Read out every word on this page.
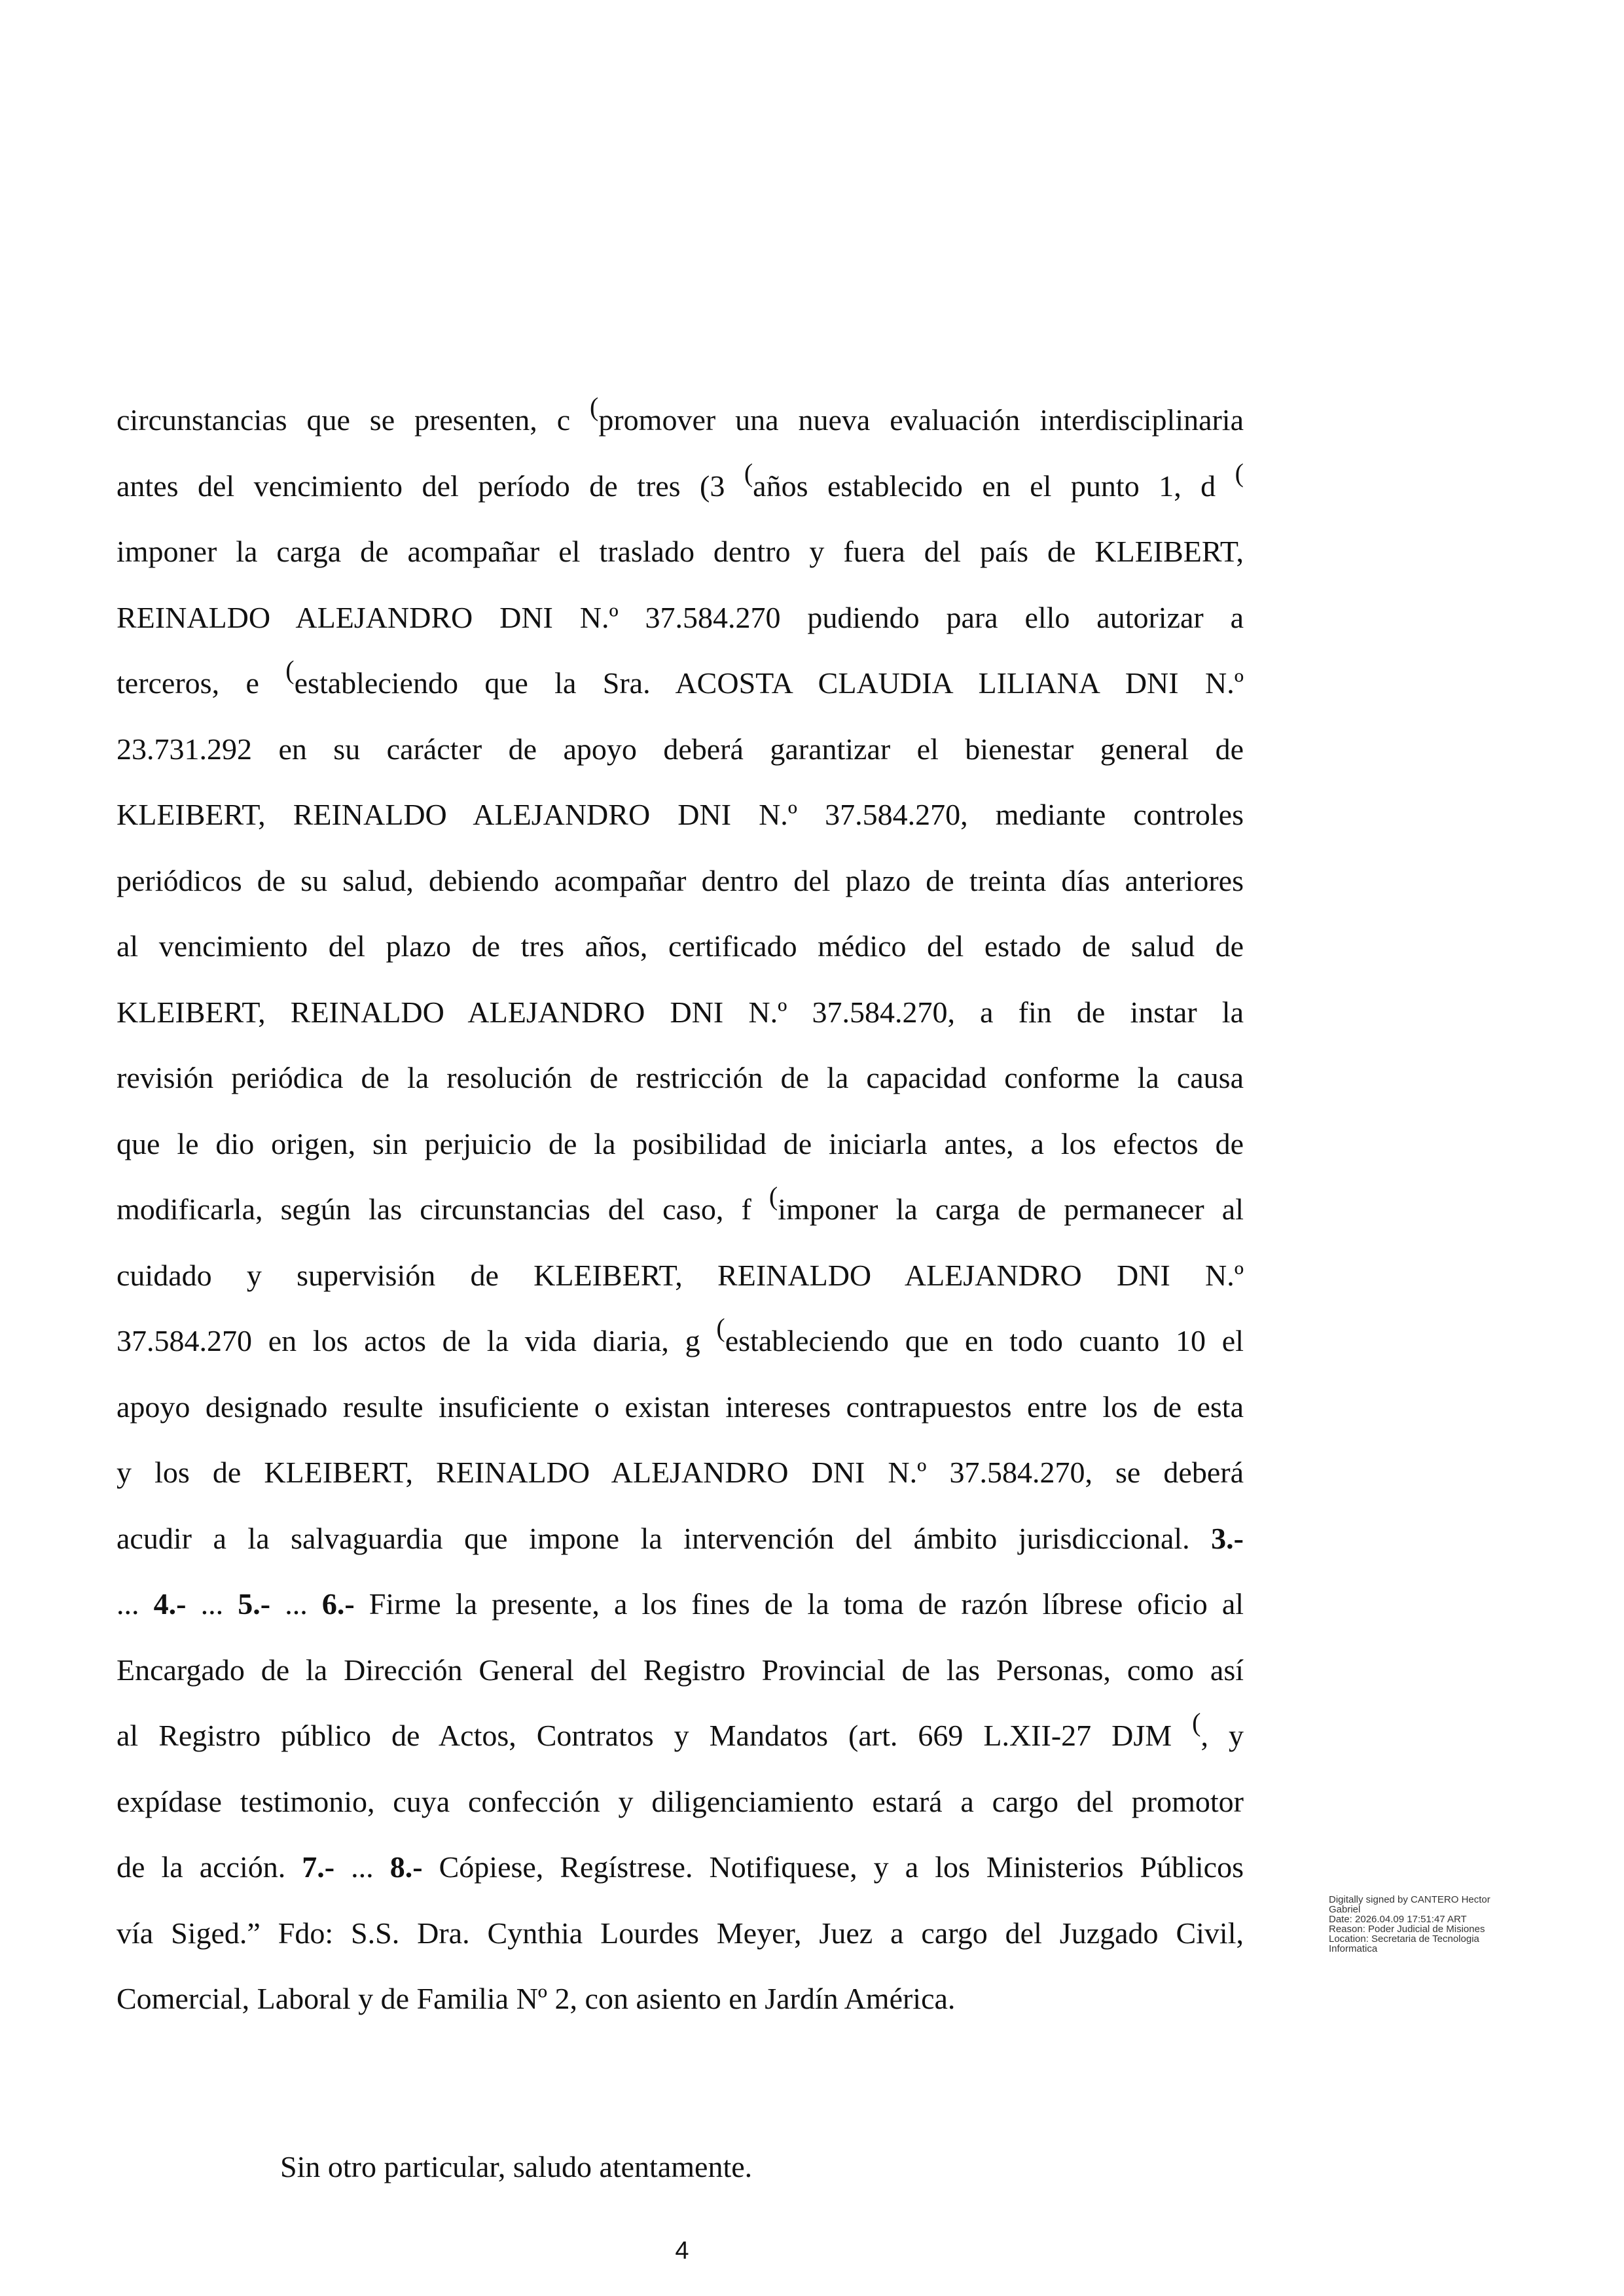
circunstancias que se presenten, c (promover una nueva evaluación interdisciplinaria
antes del vencimiento del período de tres (3 (años establecido en el punto 1, d (
imponer la carga de acompañar el traslado dentro y fuera del país de KLEIBERT,
REINALDO ALEJANDRO DNI N.º 37.584.270 pudiendo para ello autorizar a
terceros, e (estableciendo que la Sra. ACOSTA CLAUDIA LILIANA DNI N.º
23.731.292 en su carácter de apoyo deberá garantizar el bienestar general de
KLEIBERT, REINALDO ALEJANDRO DNI N.º 37.584.270, mediante controles
periódicos de su salud, debiendo acompañar dentro del plazo de treinta días anteriores
al vencimiento del plazo de tres años, certificado médico del estado de salud de
KLEIBERT, REINALDO ALEJANDRO DNI N.º 37.584.270, a fin de instar la
revisión periódica de la resolución de restricción de la capacidad conforme la causa
que le dio origen, sin perjuicio de la posibilidad de iniciarla antes, a los efectos de
modificarla, según las circunstancias del caso, f (imponer la carga de permanecer al
cuidado y supervisión de KLEIBERT, REINALDO ALEJANDRO DNI N.º
37.584.270 en los actos de la vida diaria, g (estableciendo que en todo cuanto 10 el
apoyo designado resulte insuficiente o existan intereses contrapuestos entre los de esta
y los de KLEIBERT, REINALDO ALEJANDRO DNI N.º 37.584.270, se deberá
acudir a la salvaguardia que impone la intervención del ámbito jurisdiccional. 3.-
... 4.- ... 5.- ... 6.- Firme la presente, a los fines de la toma de razón líbrese oficio al
Encargado de la Dirección General del Registro Provincial de las Personas, como así
al Registro público de Actos, Contratos y Mandatos (art. 669 L.XII-27 DJM (, y
expídase testimonio, cuya confección y diligenciamiento estará a cargo del promotor
de la acción. 7.- ... 8.- Cópiese, Regístrese. Notifiquese, y a los Ministerios Públicos
vía Siged.” Fdo: S.S. Dra. Cynthia Lourdes Meyer, Juez a cargo del Juzgado Civil,
Comercial, Laboral y de Familia Nº 2, con asiento en Jardín América.
Sin otro particular, saludo atentamente.
4
Digitally signed by CANTERO Hector
Gabriel
Date: 2026.04.09 17:51:47 ART
Reason: Poder Judicial de Misiones
Location: Secretaria de Tecnologia
Informatica
